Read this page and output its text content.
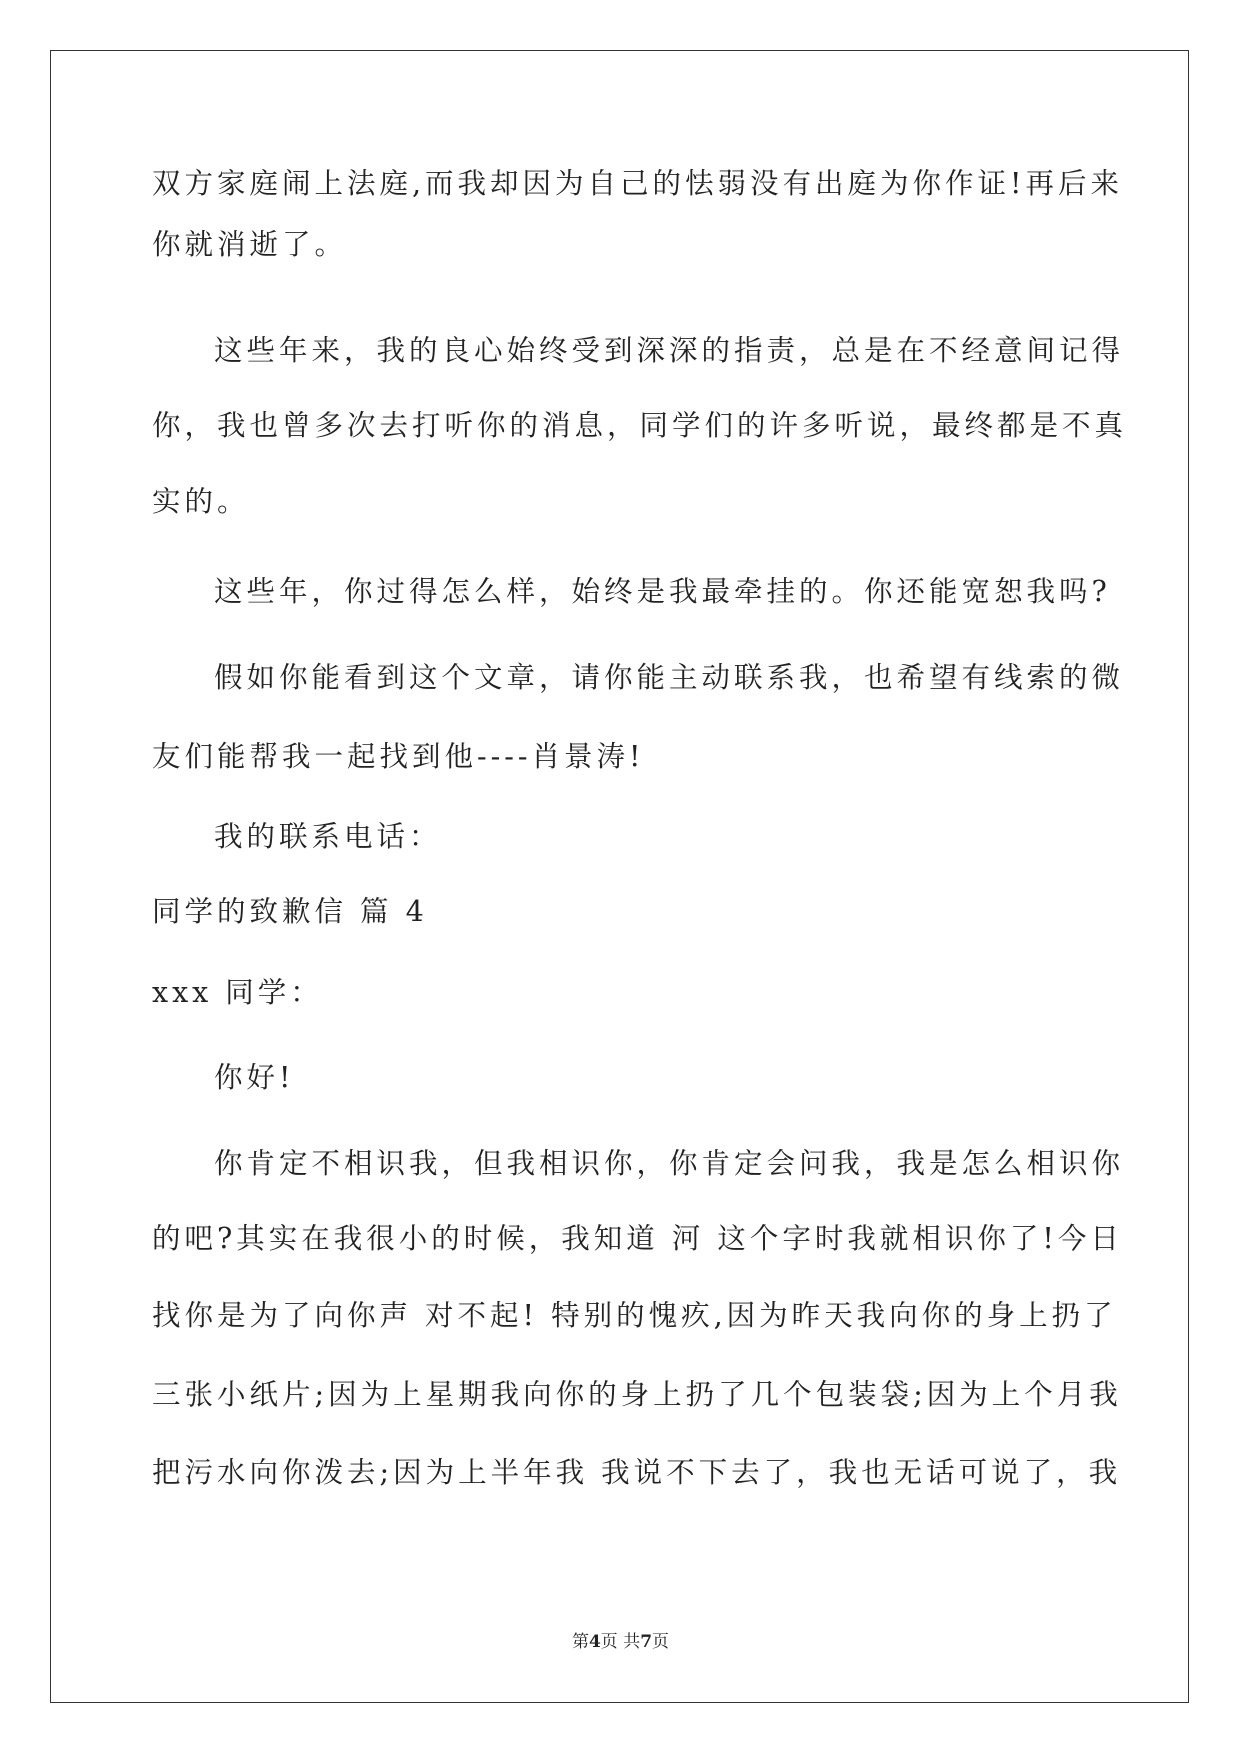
双方家庭闹上法庭,而我却因为自己的怯弱没有出庭为你作证!再后来

你就消逝了。

这些年来，我的良心始终受到深深的指责，总是在不经意间记得

你，我也曾多次去打听你的消息，同学们的许多听说，最终都是不真

实的。

这些年，你过得怎么样，始终是我最牵挂的。你还能宽恕我吗?

假如你能看到这个文章，请你能主动联系我，也希望有线索的微

友们能帮我一起找到他----肖景涛!

我的联系电话：

同学的致歉信 篇 4

xxx 同学：

你好!

你肯定不相识我，但我相识你，你肯定会问我，我是怎么相识你

的吧?其实在我很小的时候，我知道 河 这个字时我就相识你了!今日

找你是为了向你声 对不起! 特别的愧疚,因为昨天我向你的身上扔了

三张小纸片;因为上星期我向你的身上扔了几个包装袋;因为上个月我

把污水向你泼去;因为上半年我 我说不下去了，我也无话可说了，我

第4页 共7页
